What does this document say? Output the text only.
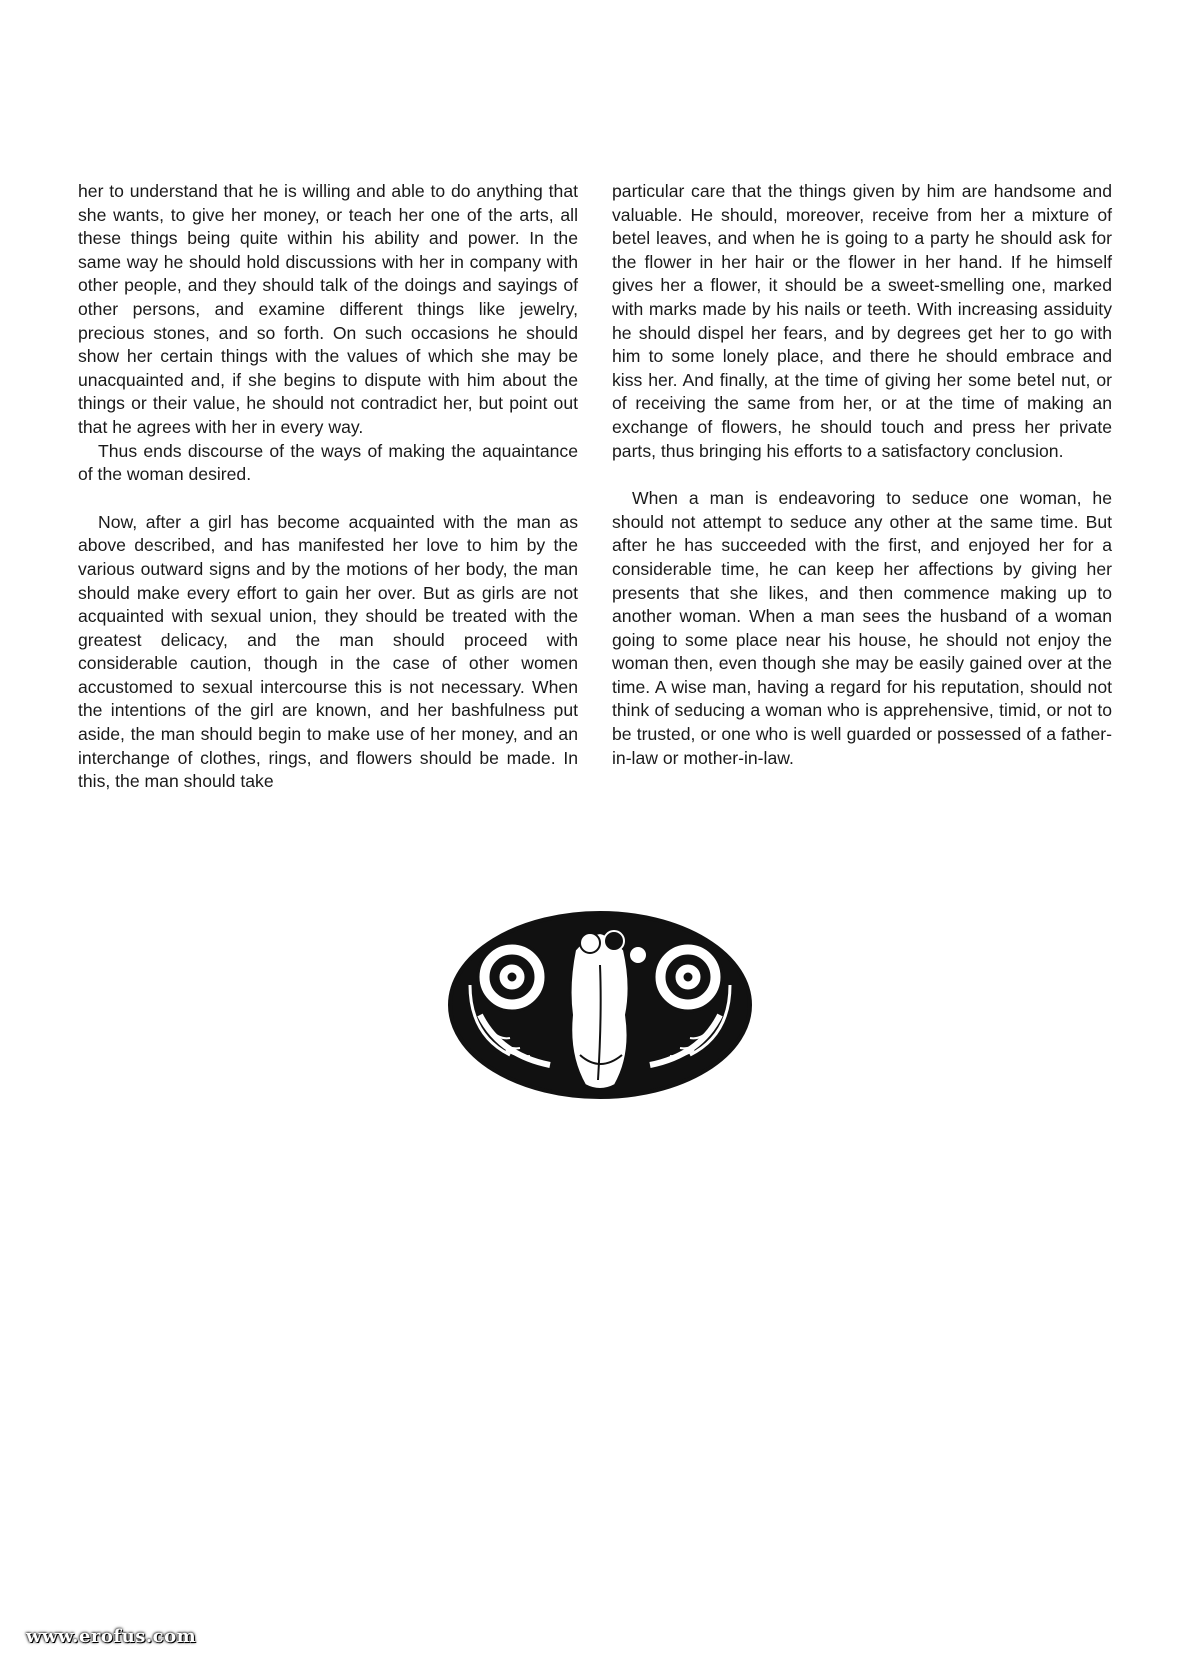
her to understand that he is willing and able to do anything that she wants, to give her money, or teach her one of the arts, all these things being quite within his ability and power. In the same way he should hold discussions with her in company with other people, and they should talk of the doings and sayings of other persons, and examine different things like jewelry, precious stones, and so forth. On such occasions he should show her certain things with the values of which she may be unacquainted and, if she begins to dispute with him about the things or their value, he should not contradict her, but point out that he agrees with her in every way.

Thus ends discourse of the ways of making the aquaintance of the woman desired.

Now, after a girl has become acquainted with the man as above described, and has manifested her love to him by the various outward signs and by the motions of her body, the man should make every effort to gain her over. But as girls are not acquainted with sexual union, they should be treated with the greatest delicacy, and the man should proceed with considerable caution, though in the case of other women accustomed to sexual intercourse this is not necessary. When the intentions of the girl are known, and her bashfulness put aside, the man should begin to make use of her money, and an interchange of clothes, rings, and flowers should be made. In this, the man should take

particular care that the things given by him are handsome and valuable. He should, moreover, receive from her a mixture of betel leaves, and when he is going to a party he should ask for the flower in her hair or the flower in her hand. If he himself gives her a flower, it should be a sweet-smelling one, marked with marks made by his nails or teeth. With increasing assiduity he should dispel her fears, and by degrees get her to go with him to some lonely place, and there he should embrace and kiss her. And finally, at the time of giving her some betel nut, or of receiving the same from her, or at the time of making an exchange of flowers, he should touch and press her private parts, thus bringing his efforts to a satisfactory conclusion.

When a man is endeavoring to seduce one woman, he should not attempt to seduce any other at the same time. But after he has succeeded with the first, and enjoyed her for a considerable time, he can keep her affections by giving her presents that she likes, and then commence making up to another woman. When a man sees the husband of a woman going to some place near his house, he should not enjoy the woman then, even though she may be easily gained over at the time. A wise man, having a regard for his reputation, should not think of seducing a woman who is apprehensive, timid, or not to be trusted, or one who is well guarded or possessed of a father-in-law or mother-in-law.

www.erofus.com
